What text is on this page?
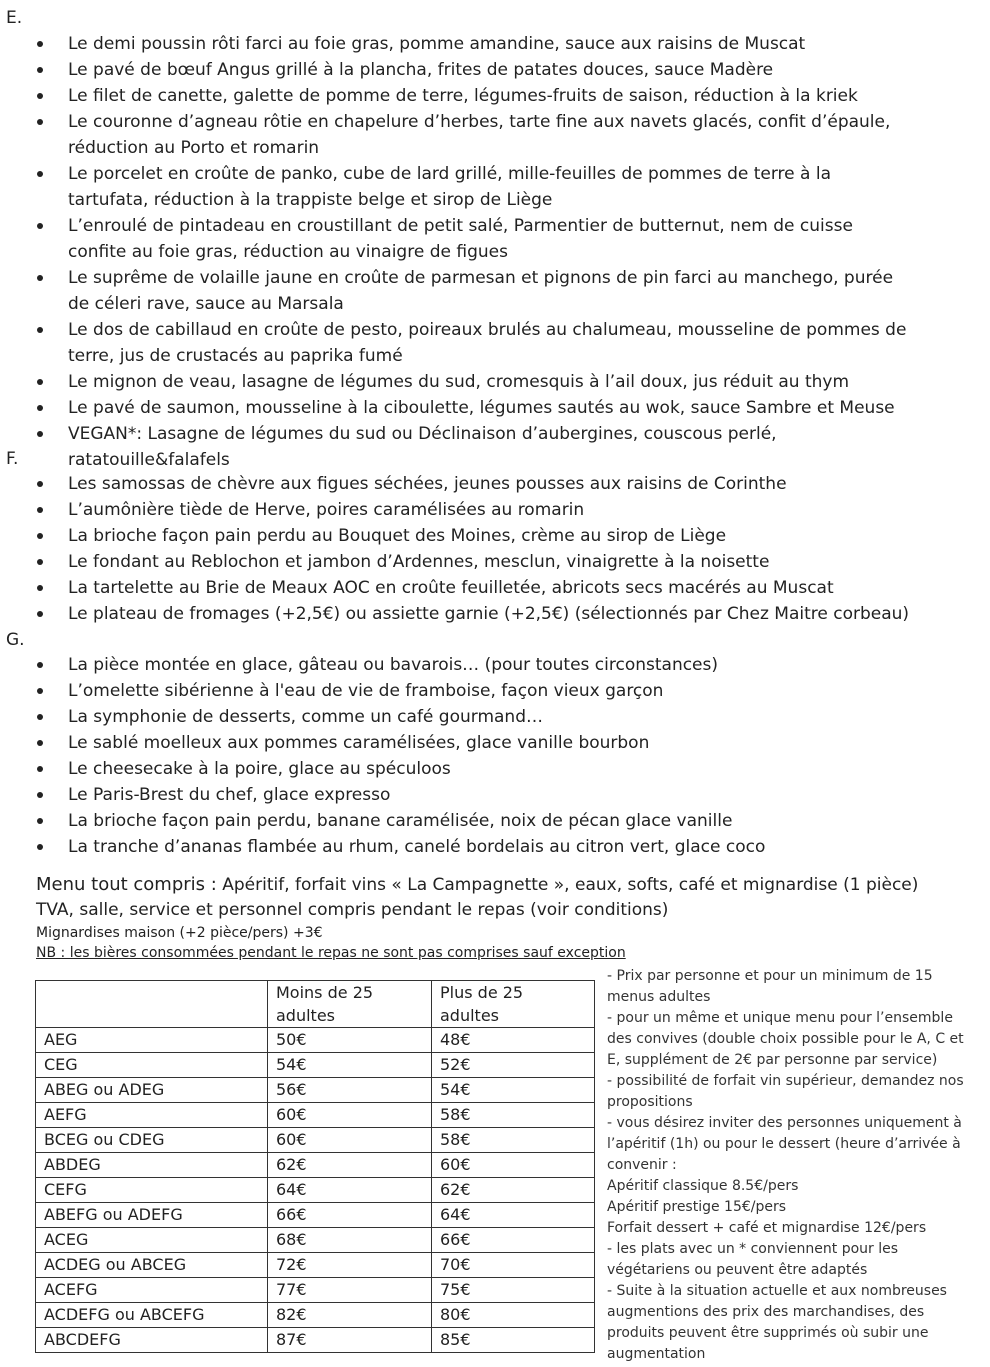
E.
Le demi poussin rôti farci au foie gras, pomme amandine, sauce aux raisins de Muscat
Le pavé de bœuf Angus grillé à la plancha, frites de patates douces, sauce Madère
Le filet de canette, galette de pomme de terre, légumes-fruits de saison, réduction à la kriek
Le couronne d’agneau rôtie en chapelure d’herbes, tarte fine aux navets glacés, confit d’épaule, réduction au Porto et romarin
Le porcelet en croûte de panko, cube de lard grillé, mille-feuilles de pommes de terre à la tartufata, réduction à la trappiste belge et sirop de Liège
L’enroulé de pintadeau en croustillant de petit salé, Parmentier de butternut, nem de cuisse confite au foie gras, réduction au vinaigre de figues
Le suprême de volaille jaune en croûte de parmesan et pignons de pin farci au manchego, purée de céleri rave, sauce au Marsala
Le dos de cabillaud en croûte de pesto, poireaux brulés au chalumeau, mousseline de pommes de terre, jus de crustacés au paprika fumé
Le mignon de veau, lasagne de légumes du sud, cromesquis à l’ail doux, jus réduit au thym
Le pavé de saumon, mousseline à la ciboulette, légumes sautés au wok, sauce Sambre et Meuse
VEGAN*: Lasagne de légumes du sud ou Déclinaison d’aubergines, couscous perlé, ratatouille&falafels
F.
Les samossas de chèvre aux figues séchées, jeunes pousses aux raisins de Corinthe
L’aumônière tiède de Herve, poires caramélisées au romarin
La brioche façon pain perdu au Bouquet des Moines, crème au sirop de Liège
Le fondant au Reblochon et jambon d’Ardennes, mesclun, vinaigrette à la noisette
La tartelette au Brie de Meaux AOC en croûte feuilletée, abricots secs macérés au Muscat
Le plateau de fromages (+2,5€) ou assiette garnie (+2,5€) (sélectionnés par Chez Maitre corbeau)
G.
La pièce montée en glace, gâteau ou bavarois… (pour toutes circonstances)
L’omelette sibérienne à l'eau de vie de framboise, façon vieux garçon
La symphonie de desserts, comme un café gourmand…
Le sablé moelleux aux pommes caramélisées, glace vanille bourbon
Le cheesecake à la poire, glace au spéculoos
Le Paris-Brest du chef, glace expresso
La brioche façon pain perdu, banane caramélisée, noix de pécan glace vanille
La tranche d’ananas flambée au rhum, canelé bordelais au citron vert, glace coco
Menu tout compris : Apéritif, forfait vins « La Campagnette », eaux, softs, café et mignardise (1 pièce)
TVA, salle, service et personnel compris pendant le repas (voir conditions)
Mignardises maison (+2 pièce/pers) +3€
NB : les bières consommées pendant le repas ne sont pas comprises sauf exception
	Moins de 25 adultes	Plus de 25 adultes
AEG	50€	48€
CEG	54€	52€
ABEG ou ADEG	56€	54€
AEFG	60€	58€
BCEG ou CDEG	60€	58€
ABDEG	62€	60€
CEFG	64€	62€
ABEFG ou ADEFG	66€	64€
ACEG	68€	66€
ACDEG ou ABCEG	72€	70€
ACEFG	77€	75€
ACDEFG ou ABCEFG	82€	80€
ABCDEFG	87€	85€

- Prix par personne et pour un minimum de 15 menus adultes

- pour un même et unique menu pour l’ensemble des convives (double choix possible pour le A, C et E, supplément de 2€ par personne par service)

- possibilité de forfait vin supérieur, demandez nos propositions

- vous désirez inviter des personnes uniquement à l’apéritif (1h) ou pour le dessert (heure d’arrivée à convenir :

Apéritif classique 8.5€/pers

Apéritif prestige 15€/pers

Forfait dessert + café et mignardise 12€/pers

- les plats avec un * conviennent pour les végétariens ou peuvent être adaptés

- Suite à la situation actuelle et aux nombreuses augmentions des prix des marchandises, des produits peuvent être supprimés où subir une augmentation
